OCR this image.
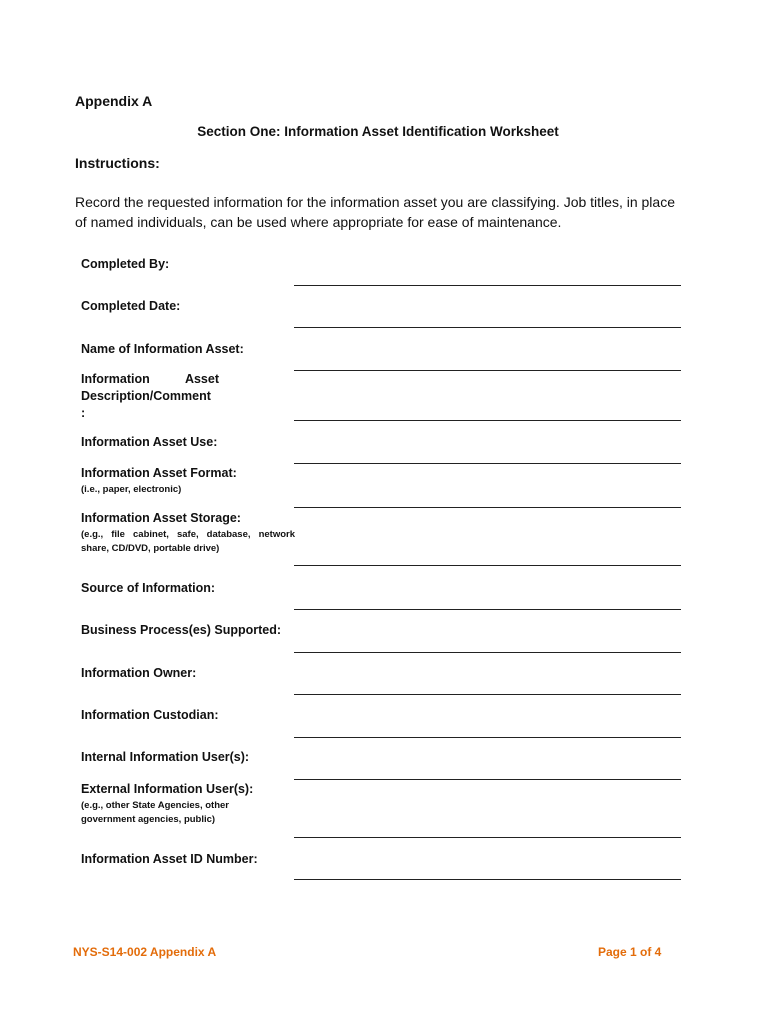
Appendix A
Section One: Information Asset Identification Worksheet
Instructions:
Record the requested information for the information asset you are classifying. Job titles, in place of named individuals, can be used where appropriate for ease of maintenance.
Completed By:
Completed Date:
Name of Information Asset:
Information Asset
Description/Comment
:
Information Asset Use:
Information Asset Format:
(i.e., paper, electronic)
Information Asset Storage:
(e.g., file cabinet, safe, database, network share, CD/DVD, portable drive)
Source of Information:
Business Process(es) Supported:
Information Owner:
Information Custodian:
Internal Information User(s):
External Information User(s):
(e.g., other State Agencies, other government agencies, public)
Information Asset ID Number:
NYS-S14-002 Appendix A	Page 1 of 4
